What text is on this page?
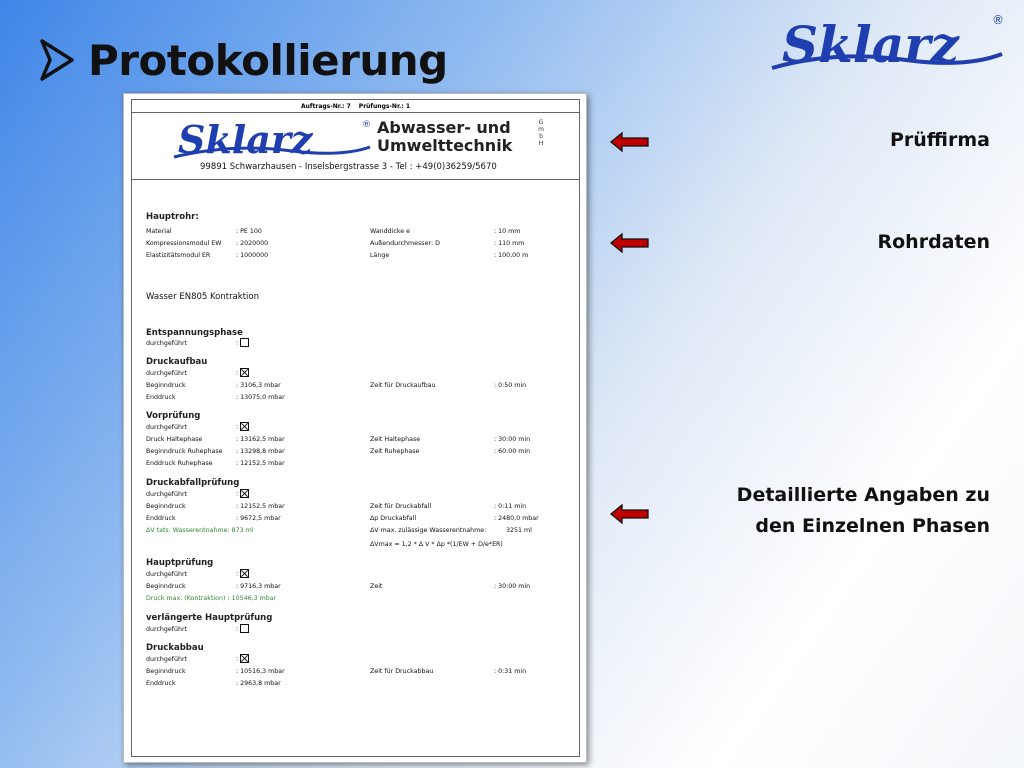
Protokollierung	Sklarz	®
Auftrags-Nr.: 7 Prüfungs-Nr.: 1
Sklarz	® Abwasser- und
Umwelttechnik
G
m
b
H
99891 Schwarzhausen - Inselsbergstrasse 3 - Tel : +49(0)36259/5670
Hauptrohr:
Material	: PE 100	Wanddicke e	: 10 mm
Kompressionsmodul EW : 2020000	Außendurchmesser: D	: 110 mm
Elastizitätsmodul ER	: 1000000	Länge	: 100,00 m
Wasser EN805 Kontraktion
Entspannungsphase
durchgeführt	:
Druckaufbau
durchgeführt	:
Beginndruck	: 3106,3 mbar	Zeit für Druckaufbau	: 0:50 min
Enddruck	: 13075,0 mbar
Vorprüfung
durchgeführt	:
Druck Haltephase	: 13162,5 mbar	Zeit Haltephase	: 30:00 min
Beginndruck Ruhephase : 13298,8 mbar	Zeit Ruhephase	: 60:00 min
Enddruck Ruhephase	: 12152,5 mbar
Druckabfallprüfung
durchgeführt	:
Beginndruck	: 12152,5 mbar	Zeit für Druckabfall	: 0:11 min
Enddruck	: 9672,5 mbar	Δp Druckabfall	: 2480,0 mbar
ΔV tats. Wasserentnahme: 873 ml	ΔV max. zulässige Wasserentnahme:	3251 ml
ΔVmax = 1,2 * Δ V * Δp *(1/EW + D/e*ER)
Hauptprüfung
durchgeführt	:
Beginndruck	: 9716,3 mbar	Zeit	: 30:00 min
Druck max. (Kontraktion) : 10546,3 mbar
verlängerte Hauptprüfung
durchgeführt	:
Druckabbau
durchgeführt	:
Beginndruck	: 10516,3 mbar	Zeit für Druckabbau	: 0:31 min
Enddruck	: 2963,8 mbar
Prüffirma
Rohrdaten
Detaillierte Angaben zu
den Einzelnen Phasen
